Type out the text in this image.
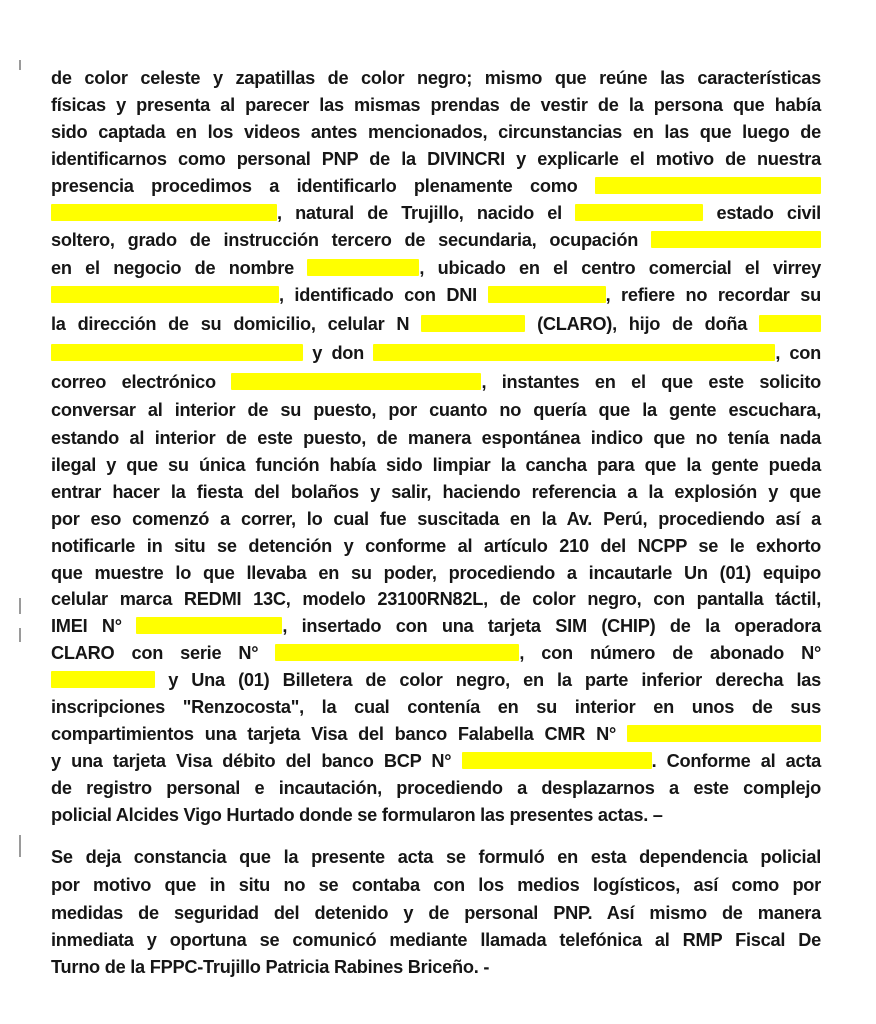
de color celeste y zapatillas de color negro; mismo que reúne las características
físicas y presenta al parecer las mismas prendas de vestir de la persona que había
sido captada en los videos antes mencionados, circunstancias en las que luego de
identificarnos como personal PNP de la DIVINCRI y explicarle el motivo de nuestra
presencia procedimos a identificarlo plenamente como
, natural de Trujillo, nacido el	estado civil
soltero, grado de instrucción tercero de secundaria, ocupación
en el negocio de nombre	, ubicado en el centro comercial el virrey
, identificado con DNI	, refiere no recordar su
la dirección de su domicilio, celular N	(CLARO), hijo de doña
y don	, con
correo electrónico	, instantes en el que este solicito
conversar al interior de su puesto, por cuanto no quería que la gente escuchara,
estando al interior de este puesto, de manera espontánea indico que no tenía nada
ilegal y que su única función había sido limpiar la cancha para que la gente pueda
entrar hacer la fiesta del bolaños y salir, haciendo referencia a la explosión y que
por eso comenzó a correr, lo cual fue suscitada en la Av. Perú, procediendo así a
notificarle in situ se detención y conforme al artículo 210 del NCPP se le exhorto
que muestre lo que llevaba en su poder, procediendo a incautarle Un (01) equipo
celular marca REDMI 13C, modelo 23100RN82L, de color negro, con pantalla táctil,
IMEI N°	, insertado con una tarjeta SIM (CHIP) de la operadora
CLARO con serie N°	, con número de abonado N°
y Una (01) Billetera de color negro, en la parte inferior derecha las
inscripciones "Renzocosta", la cual contenía en su interior en unos de sus
compartimientos una tarjeta Visa del banco Falabella CMR N°
y una tarjeta Visa débito del banco BCP N°	. Conforme al acta
de registro personal e incautación, procediendo a desplazarnos a este complejo
policial Alcides Vigo Hurtado donde se formularon las presentes actas. –
Se deja constancia que la presente acta se formuló en esta dependencia policial
por motivo que in situ no se contaba con los medios logísticos, así como por
medidas de seguridad del detenido y de personal PNP. Así mismo de manera
inmediata y oportuna se comunicó mediante llamada telefónica al RMP Fiscal De
Turno de la FPPC-Trujillo Patricia Rabines Briceño. -
